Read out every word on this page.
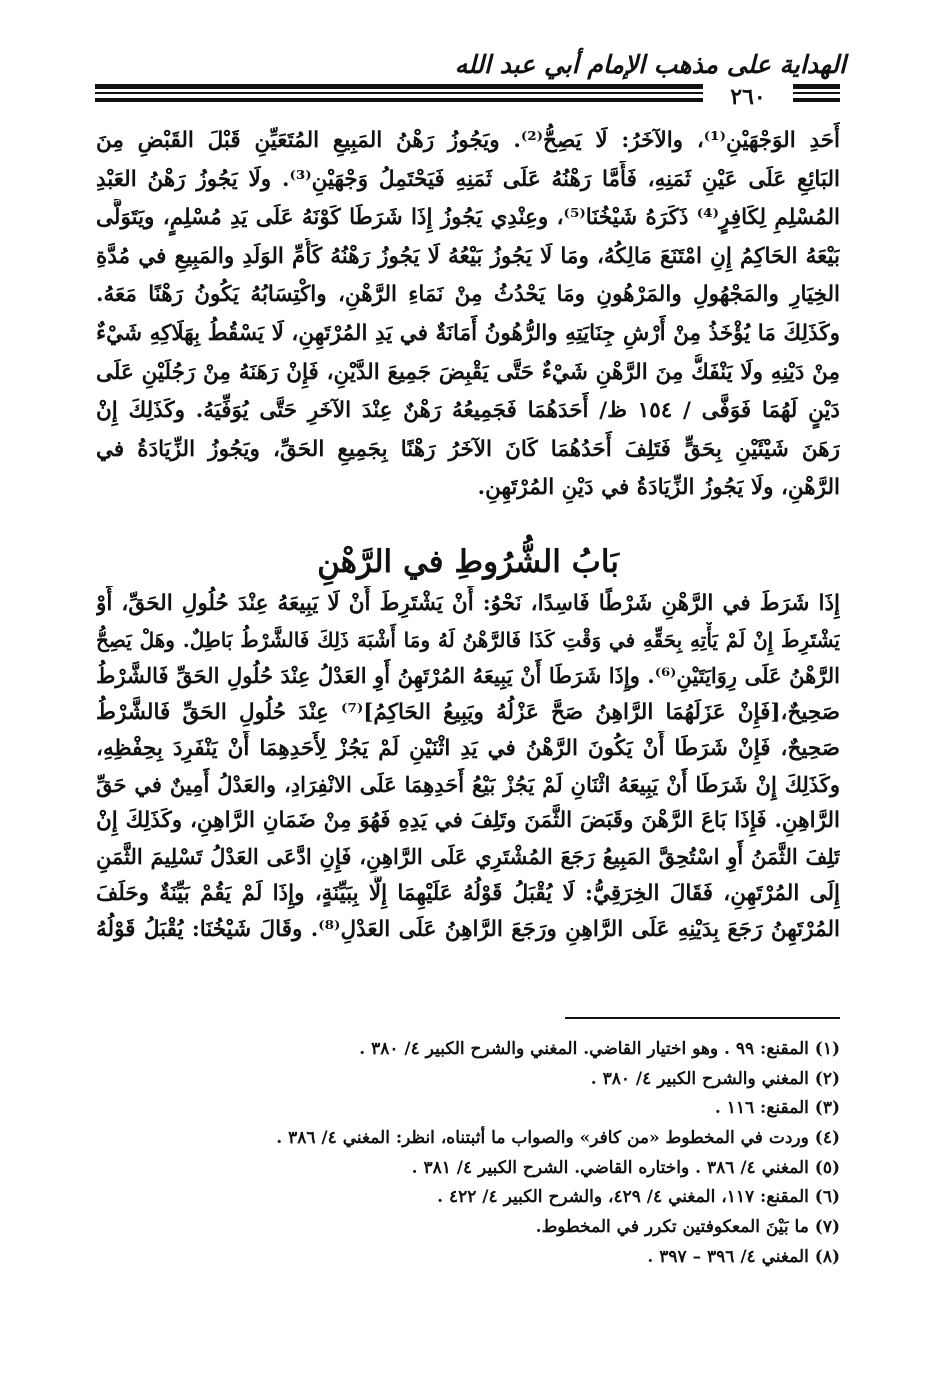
الهداية على مذهب الإمام أبي عبد الله
٢٦٠
أَحَدِ الوَجْهَيْنِ⁽¹⁾، والآخَرُ: لَا يَصِحُّ⁽²⁾. ويَجُوزُ رَهْنُ المَبِيعِ المُتَعَيِّنِ قَبْلَ القَبْضِ مِنَ
البَائِعِ عَلَى عَيْنِ ثَمَنِهِ، فَأَمَّا رَهْنُهُ عَلَى ثَمَنِهِ فَيَحْتَمِلُ وَجْهَيْنِ⁽³⁾. ولَا يَجُوزُ رَهْنُ العَبْدِ
المُسْلِمِ لِكَافِرٍ⁽⁴⁾ ذَكَرَهُ شَيْخُنَا⁽⁵⁾، وعِنْدِي يَجُوزُ إِذَا شَرَطَا كَوْنَهُ عَلَى يَدِ مُسْلِمٍ، ويَتَوَلَّى
بَيْعَهُ الحَاكِمُ إِنِ امْتَنَعَ مَالِكُهُ، ومَا لَا يَجُوزُ بَيْعُهُ لَا يَجُوزُ رَهْنُهُ كَأُمِّ الوَلَدِ والمَبِيعِ في مُدَّةِ
الخِيَارِ والمَجْهُولِ والمَرْهُونِ ومَا يَحْدُثُ مِنْ نَمَاءِ الرَّهْنِ، واكْتِسَابُهُ يَكُونُ رَهْنًا مَعَهُ.
وكَذَلِكَ مَا يُؤْخَذُ مِنْ أَرْشِ جِنَايَتِهِ والرُّهُونُ أَمَانَةٌ في يَدِ المُرْتَهِنِ، لَا يَسْقُطُ بِهَلَاكِهِ شَيْءٌ
مِنْ دَيْنِهِ ولَا يَنْفَكُّ مِنَ الرَّهْنِ شَيْءٌ حَتَّى يَقْبِضَ جَمِيعَ الدَّيْنِ، فَإِنْ رَهَنَهُ مِنْ رَجُلَيْنِ عَلَى
دَيْنٍ لَهُمَا فَوَفَّى / ١٥٤ ظ/ أَحَدَهُمَا فَجَمِيعُهُ رَهْنٌ عِنْدَ الآخَرِ حَتَّى يُوَفِّيَهُ. وكَذَلِكَ إِنْ
رَهَنَ شَيْئَيْنِ بِحَقٍّ فَتَلِفَ أَحَدُهُمَا كَانَ الآخَرُ رَهْنًا بِجَمِيعِ الحَقِّ، ويَجُوزُ الزِّيَادَةُ في
الرَّهْنِ، ولَا يَجُوزُ الزِّيَادَةُ في دَيْنِ المُرْتَهِنِ.
بَابُ الشُّرُوطِ في الرَّهْنِ
إِذَا شَرَطَ في الرَّهْنِ شَرْطًا فَاسِدًا، نَحْوُ: أَنْ يَشْتَرِطَ أَنْ لَا يَبِيعَهُ عِنْدَ حُلُولِ الحَقِّ، أَوْ
يَشْتَرِطَ إِنْ لَمْ يَأْتِهِ بِحَقِّهِ في وَقْتِ كَذَا فَالرَّهْنُ لَهُ ومَا أَشْبَهَ ذَلِكَ فَالشَّرْطُ بَاطِلٌ. وهَلْ يَصِحُّ
الرَّهْنُ عَلَى رِوَايَتَيْنِ⁽⁶⁾. وإِذَا شَرَطَا أَنْ يَبِيعَهُ المُرْتَهِنُ أَوِ العَدْلُ عِنْدَ حُلُولِ الحَقِّ فَالشَّرْطُ
صَحِيحٌ،[فَإِنْ عَزَلَهُمَا الرَّاهِنُ صَحَّ عَزْلُهُ ويَبِيعُ الحَاكِمُ]⁽⁷⁾ عِنْدَ حُلُولِ الحَقِّ فَالشَّرْطُ
صَحِيحٌ، فَإِنْ شَرَطَا أَنْ يَكُونَ الرَّهْنُ في يَدِ اثْنَيْنِ لَمْ يَجُزْ لِأَحَدِهِمَا أَنْ يَنْفَرِدَ بِحِفْظِهِ،
وكَذَلِكَ إِنْ شَرَطَا أَنْ يَبِيعَهُ اثْنَانِ لَمْ يَجُزْ بَيْعُ أَحَدِهِمَا عَلَى الانْفِرَادِ، والعَدْلُ أَمِينٌ في حَقِّ
الرَّاهِنِ. فَإِذَا بَاعَ الرَّهْنَ وقَبَضَ الثَّمَنَ وتَلِفَ في يَدِهِ فَهُوَ مِنْ ضَمَانِ الرَّاهِنِ، وكَذَلِكَ إِنْ
تَلِفَ الثَّمَنُ أَوِ اسْتُحِقَّ المَبِيعُ رَجَعَ المُشْتَرِي عَلَى الرَّاهِنِ، فَإِنِ ادَّعَى العَدْلُ تَسْلِيمَ الثَّمَنِ
إِلَى المُرْتَهِنِ، فَقَالَ الخِرَقِيُّ: لَا يُقْبَلُ قَوْلُهُ عَلَيْهِمَا إِلَّا بِبَيِّنَةٍ، وإِذَا لَمْ يَقُمْ بَيِّنَةٌ وحَلَفَ
المُرْتَهِنُ رَجَعَ بِدَيْنِهِ عَلَى الرَّاهِنِ ورَجَعَ الرَّاهِنُ عَلَى العَدْلِ⁽⁸⁾. وقَالَ شَيْخُنَا: يُقْبَلُ قَوْلُهُ
(١) المقنع: ٩٩ . وهو اختيار القاضي. المغني والشرح الكبير ٤/ ٣٨٠ .
(٢) المغني والشرح الكبير ٤/ ٣٨٠ .
(٣) المقنع: ١١٦ .
(٤) وردت في المخطوط «من كافر» والصواب ما أثبتناه، انظر: المغني ٤/ ٣٨٦ .
(٥) المغني ٤/ ٣٨٦ . واختاره القاضي. الشرح الكبير ٤/ ٣٨١ .
(٦) المقنع: ١١٧، المغني ٤/ ٤٢٩، والشرح الكبير ٤/ ٤٢٢ .
(٧) ما بَيْنَ المعكوفتين تكرر في المخطوط.
(٨) المغني ٤/ ٣٩٦ – ٣٩٧ .
